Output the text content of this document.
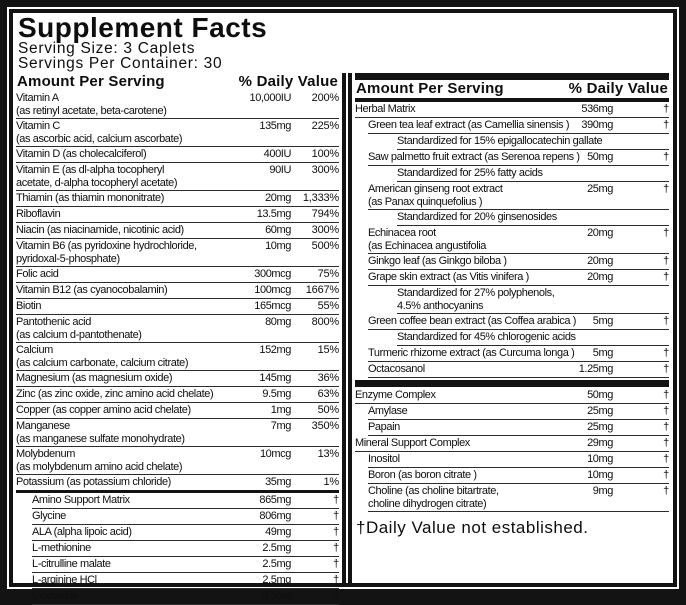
Supplement Facts
Serving Size: 3 Caplets
Servings Per Container: 30
Amount Per Serving	% Daily Value
Vitamin A
(as retinyl acetate, beta-carotene)
10,000IU	200%
Vitamin C
(as ascorbic acid, calcium ascorbate)
135mg	225%
Vitamin D (as cholecalciferol)	400IU	100%
Vitamin E (as dl-alpha tocopheryl
acetate, d-alpha tocopheryl acetate)
90IU	300%
Thiamin (as thiamin mononitrate)	20mg	1,333%
Riboflavin	13.5mg	794%
Niacin (as niacinamide, nicotinic acid)	60mg	300%
Vitamin B6 (as pyridoxine hydrochloride,
pyridoxal-5-phosphate)
10mg	500%
Folic acid	300mcg	75%
Vitamin B12 (as cyanocobalamin)	100mcg	1667%
Biotin	165mcg	55%
Pantothenic acid
(as calcium d-pantothenate)
80mg	800%
Calcium
(as calcium carbonate, calcium citrate)
152mg	15%
Magnesium (as magnesium oxide)	145mg	36%
Zinc (as zinc oxide, zinc amino acid chelate)	9.5mg	63%
Copper (as copper amino acid chelate)	1mg	50%
Manganese
(as manganese sulfate monohydrate)
7mg	350%
Molybdenum
(as molybdenum amino acid chelate)
10mcg	13%
Potassium (as potassium chloride)	35mg	1%
Amino Support Matrix	865mg	†
Glycine	806mg	†
ALA (alpha lipoic acid)	49mg	†
L-methionine	2.5mg	†
L-citrulline malate	2.5mg	†
L-arginine HCl	2.5mg	†
L-cysteine	2.5mg	†
Amount Per Serving	% Daily Value
Herbal Matrix	536mg	†
Green tea leaf extract (as Camellia sinensis )	390mg	†
Standardized for 15% epigallocatechin gallate
Saw palmetto fruit extract (as Serenoa repens ) 50mg	†
Standardized for 25% fatty acids
American ginseng root extract
(as Panax quinquefolius )
25mg	†
Standardized for 20% ginsenosides
Echinacea root
(as Echinacea angustifolia
20mg	†
Ginkgo leaf (as Ginkgo biloba )	20mg	†
Grape skin extract (as Vitis vinifera )	20mg	†
Standardized for 27% polyphenols,
4.5% anthocyanins
Green coffee bean extract (as Coffea arabica )	5mg	†
Standardized for 45% chlorogenic acids
Turmeric rhizome extract (as Curcuma longa )	5mg	†
Octacosanol	1.25mg	†
Enzyme Complex	50mg	†
Amylase	25mg	†
Papain	25mg	†
Mineral Support Complex	29mg	†
Inositol	10mg	†
Boron (as boron citrate )	10mg	†
Choline (as choline bitartrate,
choline dihydrogen citrate)
9mg	†
†Daily Value not established.
